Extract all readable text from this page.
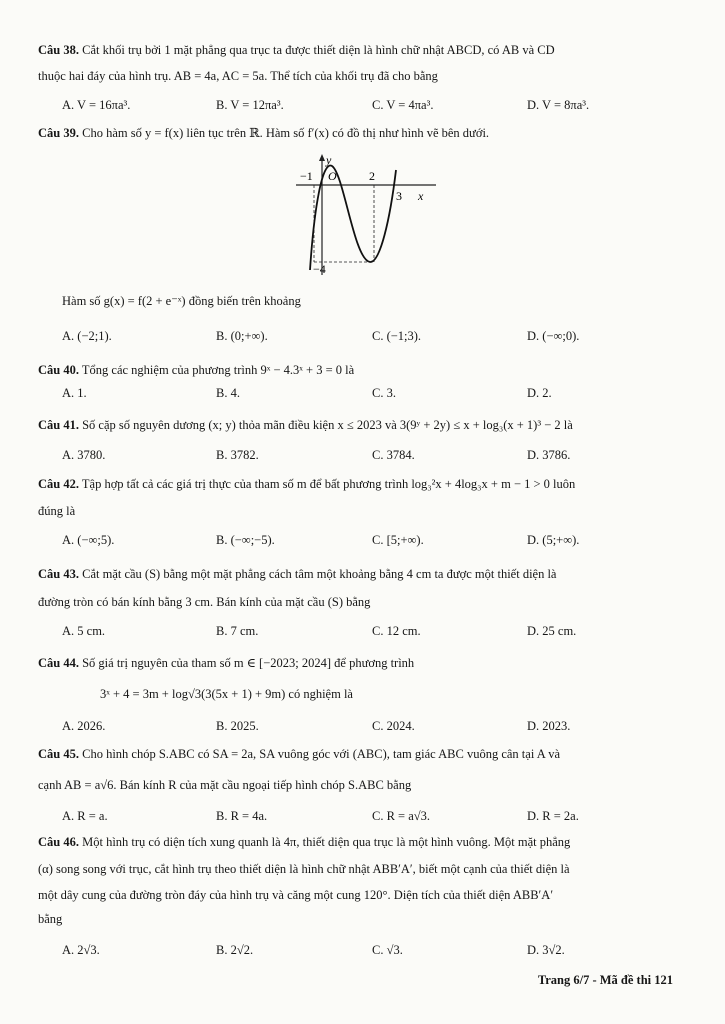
Câu 38. Cắt khối trụ bởi 1 mặt phẳng qua trục ta được thiết diện là hình chữ nhật ABCD, có AB và CD
thuộc hai đáy của hình trụ. AB = 4a, AC = 5a. Thể tích của khối trụ đã cho bằng
A. V = 16πa³.	B. V = 12πa³.	C. V = 4πa³.	D. V = 8πa³.
Câu 39. Cho hàm số y = f(x) liên tục trên ℝ. Hàm số f′(x) có đồ thị như hình vẽ bên dưới.
y
x
O
−1	2
3
−4
Hàm số g(x) = f(2 + e⁻ˣ) đồng biến trên khoảng
A. (−2;1).	B. (0;+∞).	C. (−1;3).	D. (−∞;0).
Câu 40. Tổng các nghiệm của phương trình 9ˣ − 4.3ˣ + 3 = 0 là
A. 1.	B. 4.	C. 3.	D. 2.
Câu 41. Số cặp số nguyên dương (x; y) thỏa mãn điều kiện x ≤ 2023 và 3(9ʸ + 2y) ≤ x + log₃(x + 1)³ − 2 là
A. 3780.	B. 3782.	C. 3784.	D. 3786.
Câu 42. Tập hợp tất cả các giá trị thực của tham số m để bất phương trình log₃²x + 4log₃x + m − 1 > 0 luôn
đúng là
A. (−∞;5).	B. (−∞;−5).	C. [5;+∞).	D. (5;+∞).
Câu 43. Cắt mặt cầu (S) bằng một mặt phẳng cách tâm một khoảng bằng 4 cm ta được một thiết diện là
đường tròn có bán kính bằng 3 cm. Bán kính của mặt cầu (S) bằng
A. 5 cm.	B. 7 cm.	C. 12 cm.	D. 25 cm.
Câu 44. Số giá trị nguyên của tham số m ∈ [−2023; 2024] để phương trình
3ˣ + 4 = 3m + log√3(3(5x + 1) + 9m) có nghiệm là
A. 2026.	B. 2025.	C. 2024.	D. 2023.
Câu 45. Cho hình chóp S.ABC có SA = 2a, SA vuông góc với (ABC), tam giác ABC vuông cân tại A và
cạnh AB = a√6. Bán kính R của mặt cầu ngoại tiếp hình chóp S.ABC bằng
A. R = a.	B. R = 4a.	C. R = a√3.	D. R = 2a.
Câu 46. Một hình trụ có diện tích xung quanh là 4π, thiết diện qua trục là một hình vuông. Một mặt phẳng
(α) song song với trục, cắt hình trụ theo thiết diện là hình chữ nhật ABB′A′, biết một cạnh của thiết diện là
một dây cung của đường tròn đáy của hình trụ và căng một cung 120°. Diện tích của thiết diện ABB′A′
bằng
A. 2√3.	B. 2√2.	C. √3.	D. 3√2.
Trang 6/7 - Mã đề thi 121
